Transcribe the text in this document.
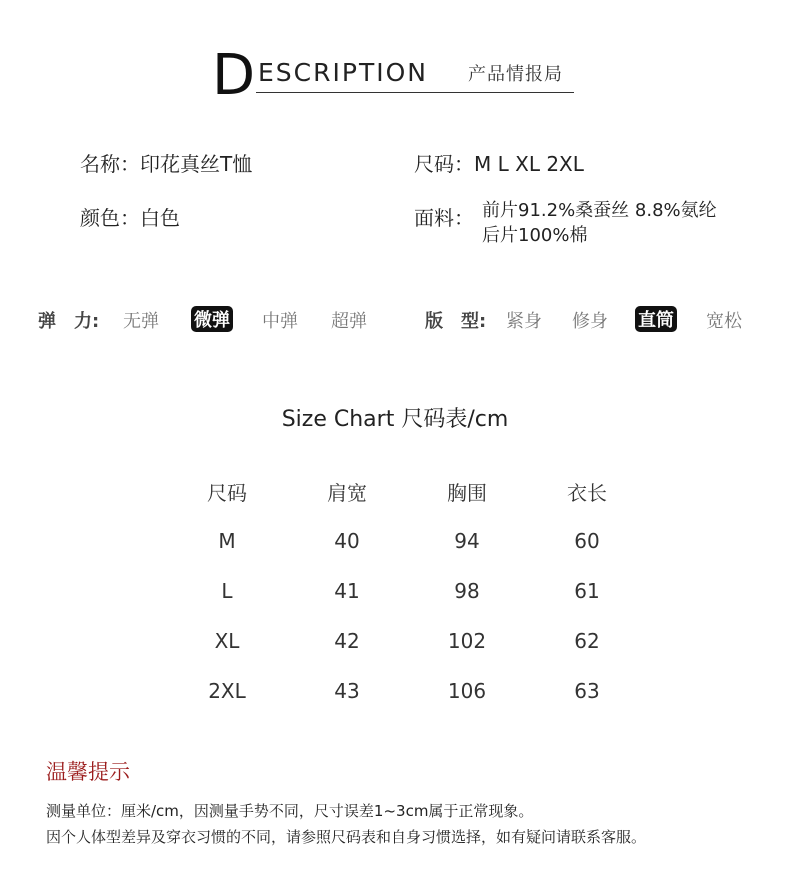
D ESCRIPTION 产品情报局
名称：印花真丝T恤	尺码：M L XL 2XL
颜色：白色	面料： 前片91.2%桑蚕丝 8.8%氨纶
后片100%棉
弹　力: 无弹 微弹 中弹 超弹	版　型: 紧身 修身 直筒 宽松
Size Chart 尺码表/cm
尺码	肩宽	胸围	衣长
M	40	94	60
L	41	98	61
XL	42	102	62
2XL	43	106	63
温馨提示
测量单位：厘米/cm，因测量手势不同，尺寸误差1~3cm属于正常现象。
因个人体型差异及穿衣习惯的不同，请参照尺码表和自身习惯选择，如有疑问请联系客服。
